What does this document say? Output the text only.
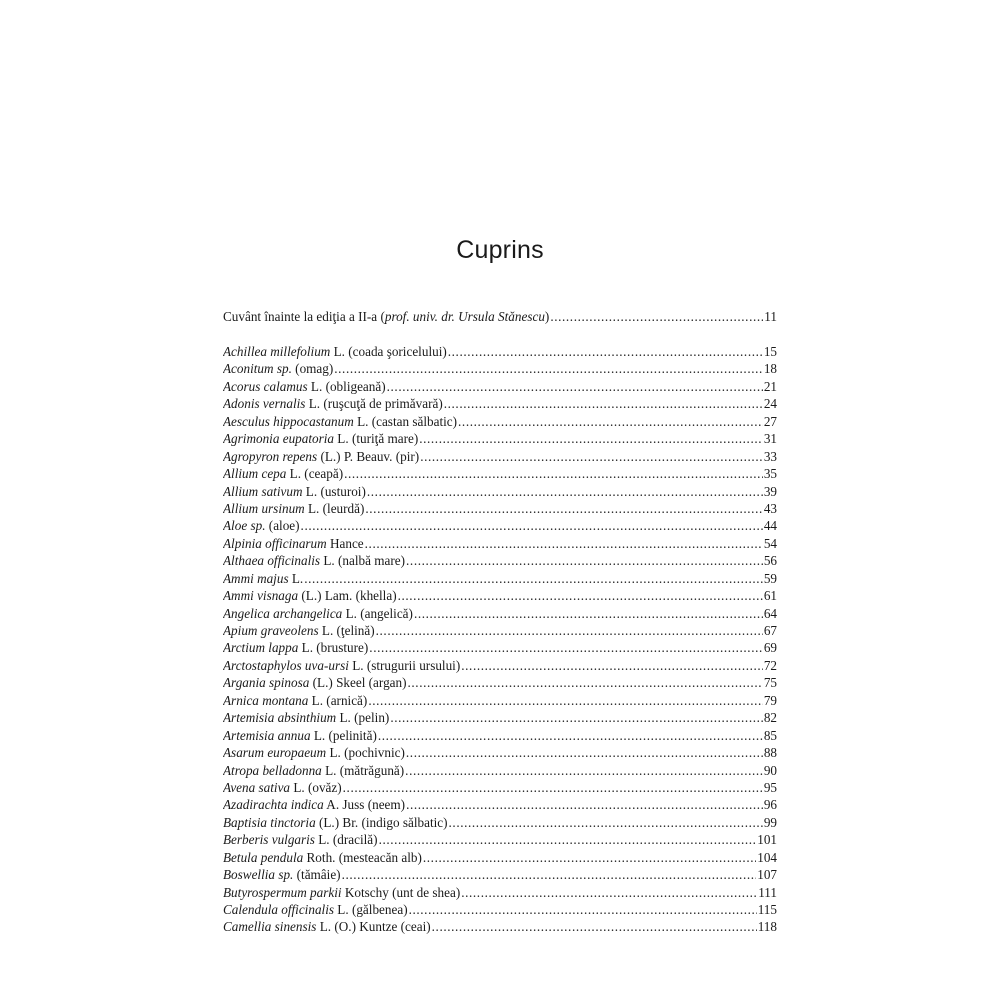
Cuprins
Cuvânt înainte la ediţia a II-a (prof. univ. dr. Ursula Stănescu) .....	11
Achillea millefolium L. (coada şoricelului) .....	15
Aconitum sp. (omag) .....	18
Acorus calamus L. (obligeană) .....	21
Adonis vernalis L. (ruşcuţă de primăvară) .....	24
Aesculus hippocastanum L. (castan sălbatic) .....	27
Agrimonia eupatoria L. (turiţă mare) .....	31
Agropyron repens (L.) P. Beauv. (pir) .....	33
Allium cepa L. (ceapă) .....	35
Allium sativum L. (usturoi) .....	39
Allium ursinum L. (leurdă) .....	43
Aloe sp. (aloe) .....	44
Alpinia officinarum Hance .....	54
Althaea officinalis L. (nalbă mare) .....	56
Ammi majus L. .....	59
Ammi visnaga (L.) Lam. (khella) .....	61
Angelica archangelica L. (angelică) .....	64
Apium graveolens L. (ţelină) .....	67
Arctium lappa L. (brusture) .....	69
Arctostaphylos uva-ursi L. (strugurii ursului) .....	72
Argania spinosa (L.) Skeel (argan) .....	75
Arnica montana L. (arnică) .....	79
Artemisia absinthium L. (pelin) .....	82
Artemisia annua L. (pelinită) .....	85
Asarum europaeum L. (pochivnic) .....	88
Atropa belladonna L. (mătrăgună) .....	90
Avena sativa L. (ovăz) .....	95
Azadirachta indica A. Juss (neem) .....	96
Baptisia tinctoria (L.) Br. (indigo sălbatic) .....	99
Berberis vulgaris L. (dracilă) .....	101
Betula pendula Roth. (mesteacăn alb) .....	104
Boswellia sp. (tămâie) .....	107
Butyrospermum parkii Kotschy (unt de shea) .....	111
Calendula officinalis L. (gălbenea) .....	115
Camellia sinensis L. (O.) Kuntze (ceai) .....	118
